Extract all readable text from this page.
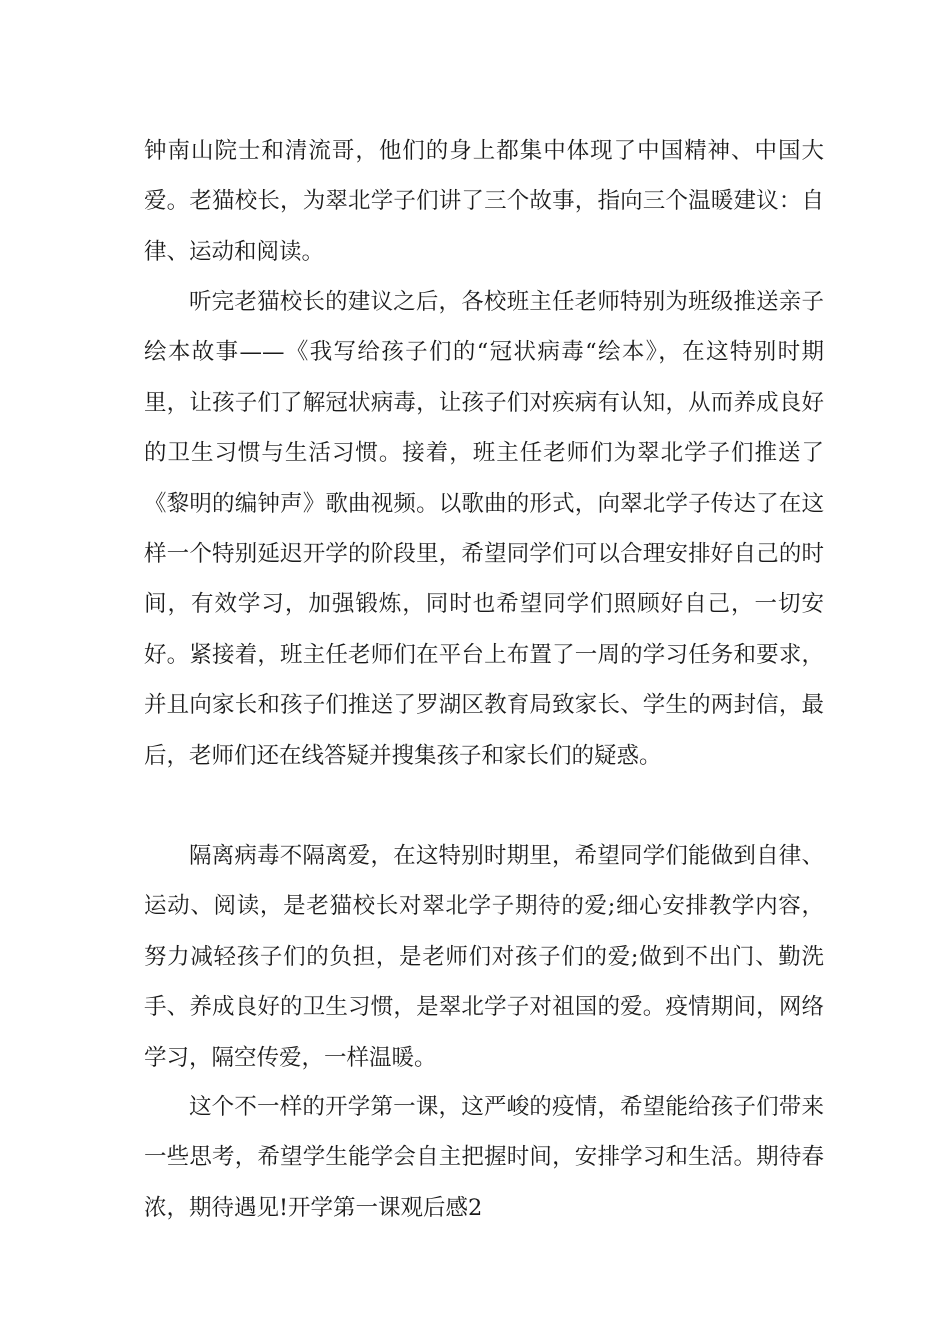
钟南山院士和清流哥，他们的身上都集中体现了中国精神、中国大爱。老猫校长，为翠北学子们讲了三个故事，指向三个温暖建议：自律、运动和阅读。

听完老猫校长的建议之后，各校班主任老师特别为班级推送亲子绘本故事——《我写给孩子们的“冠状病毒“绘本》，在这特别时期里，让孩子们了解冠状病毒，让孩子们对疾病有认知，从而养成良好的卫生习惯与生活习惯。接着，班主任老师们为翠北学子们推送了《黎明的编钟声》歌曲视频。以歌曲的形式，向翠北学子传达了在这样一个特别延迟开学的阶段里，希望同学们可以合理安排好自己的时间，有效学习，加强锻炼，同时也希望同学们照顾好自己，一切安好。紧接着，班主任老师们在平台上布置了一周的学习任务和要求，并且向家长和孩子们推送了罗湖区教育局致家长、学生的两封信，最后，老师们还在线答疑并搜集孩子和家长们的疑惑。

隔离病毒不隔离爱，在这特别时期里，希望同学们能做到自律、运动、阅读，是老猫校长对翠北学子期待的爱;细心安排教学内容，努力减轻孩子们的负担，是老师们对孩子们的爱;做到不出门、勤洗手、养成良好的卫生习惯，是翠北学子对祖国的爱。疫情期间，网络学习，隔空传爱，一样温暖。

这个不一样的开学第一课，这严峻的疫情，希望能给孩子们带来一些思考，希望学生能学会自主把握时间，安排学习和生活。期待春浓，期待遇见!开学第一课观后感2
